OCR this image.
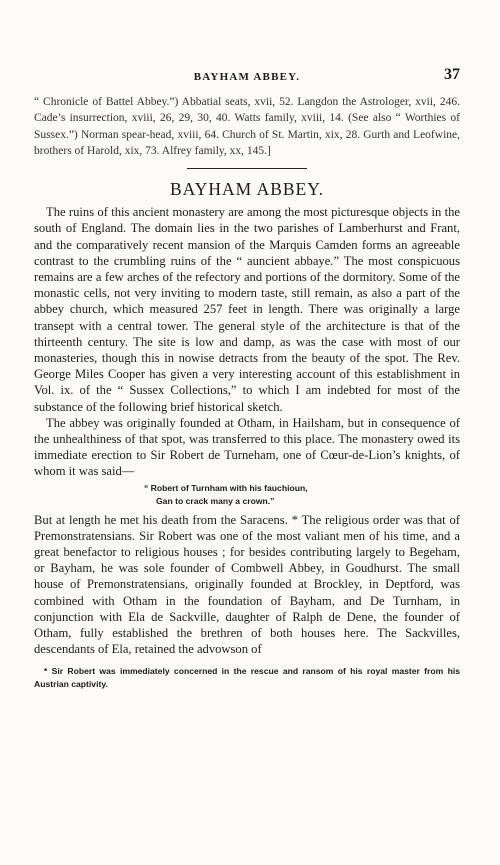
BAYHAM ABBEY.	37
“ Chronicle of Battel Abbey.”) Abbatial seats, xvii, 52. Langdon the Astrologer, xvii, 246. Cade’s insurrection, xviii, 26, 29, 30, 40. Watts family, xviii, 14. (See also “ Worthies of Sussex.”) Norman spear-head, xviii, 64. Church of St. Martin, xix, 28. Gurth and Leofwine, brothers of Harold, xix, 73. Alfrey family, xx, 145.]
BAYHAM ABBEY.

The ruins of this ancient monastery are among the most picturesque objects in the south of England. The domain lies in the two parishes of Lamberhurst and Frant, and the comparatively recent mansion of the Marquis Camden forms an agreeable contrast to the crumbling ruins of the “ auncient abbaye.” The most conspicuous remains are a few arches of the refectory and portions of the dormitory. Some of the monastic cells, not very inviting to modern taste, still remain, as also a part of the abbey church, which measured 257 feet in length. There was originally a large transept with a central tower. The general style of the architecture is that of the thirteenth century. The site is low and damp, as was the case with most of our monasteries, though this in nowise detracts from the beauty of the spot. The Rev. George Miles Cooper has given a very interesting account of this establishment in Vol. ix. of the “ Sussex Collections,” to which I am indebted for most of the substance of the following brief historical sketch.

The abbey was originally founded at Otham, in Hailsham, but in consequence of the unhealthiness of that spot, was transferred to this place. The monastery owed its immediate erection to Sir Robert de Turneham, one of Cœur-de-Lion’s knights, of whom it was said—

“ Robert of Turnham with his fauchioun,
Gan to crack many a crown.”

But at length he met his death from the Saracens. * The religious order was that of Premonstratensians. Sir Robert was one of the most valiant men of his time, and a great benefactor to religious houses ; for besides contributing largely to Begeham, or Bayham, he was sole founder of Combwell Abbey, in Goudhurst. The small house of Premonstratensians, originally founded at Brockley, in Deptford, was combined with Otham in the foundation of Bayham, and De Turnham, in conjunction with Ela de Sackville, daughter of Ralph de Dene, the founder of Otham, fully established the brethren of both houses here. The Sackvilles, descendants of Ela, retained the advowson of

* Sir Robert was immediately concerned in the rescue and ransom of his royal master from his Austrian captivity.
